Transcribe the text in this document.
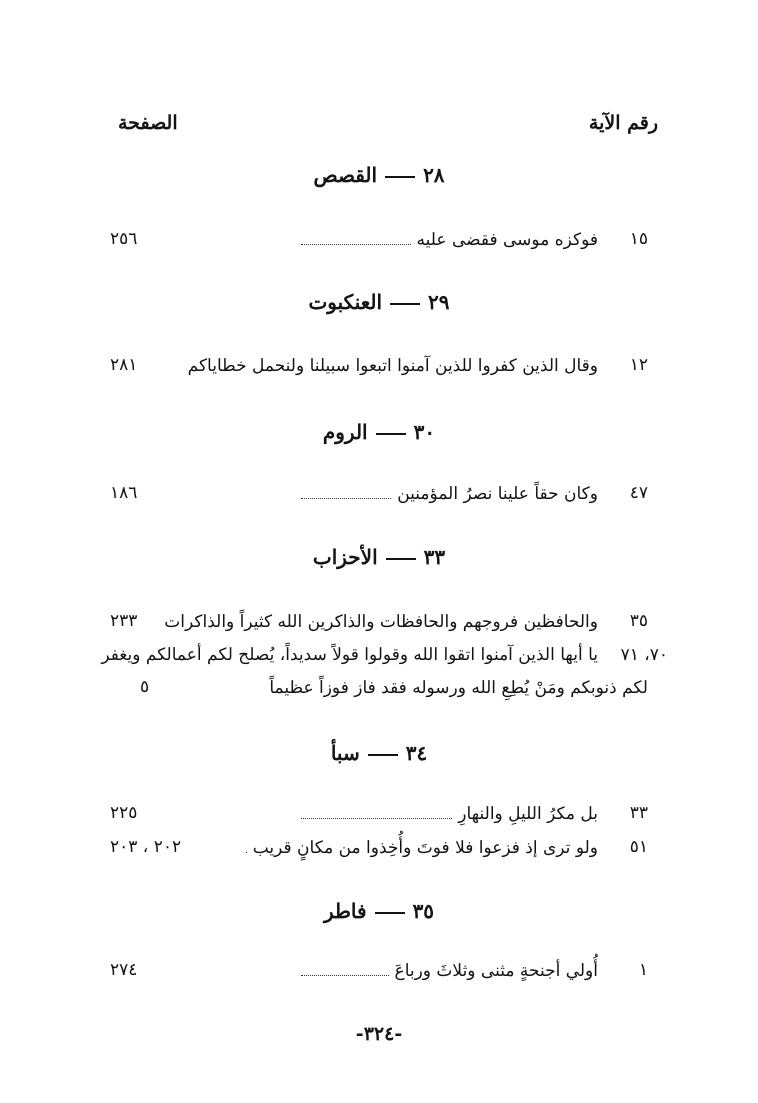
رقم الآية
الصفحة
٢٨القصص
١٥
فوكزه موسى فقضى عليه
٢٥٦
٢٩العنكبوت
١٢
وقال الذين كفروا للذين آمنوا اتبعوا سبيلنا ولنحمل خطاياكم
٢٨١
٣٠الروم
٤٧
وكان حقاً علينا نصرُ المؤمنين
١٨٦
٣٣الأحزاب
٣٥
والحافظين فروجهم والحافظات والذاكرين الله كثيراً والذاكرات
٢٣٣
٧٠، ٧١
يا أيها الذين آمنوا اتقوا الله وقولوا قولاً سديداً، يُصلح لكم أعمالكم ويغفر
لكم ذنوبكم ومَنْ يُطِعِ الله ورسوله فقد فاز فوزاً عظيماً
٥
٣٤سبأ
٣٣
بل مكرُ الليلِ والنهارِ
٢٢٥
٥١
ولو ترى إذ فزعوا فلا فوتَ وأُخِذوا من مكانٍ قريب
٢٠٢ ، ٢٠٣
٣٥فاطر
١
أُولي أجنحةٍ مثنى وثلاثَ ورباعَ
٢٧٤
-٣٢٤-
